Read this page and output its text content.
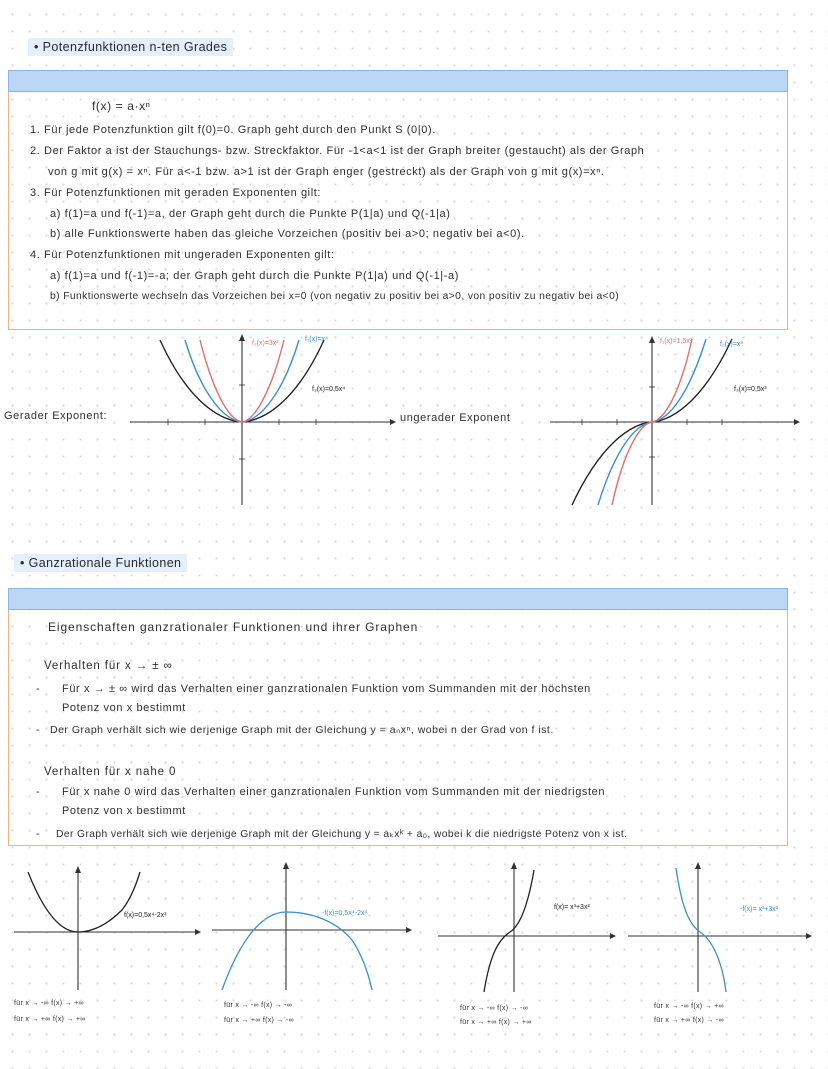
• Potenzfunktionen n-ten Grades
f(x) = a·xⁿ
1. Für jede Potenzfunktion gilt f(0)=0. Graph geht durch den Punkt S (0|0).
2. Der Faktor a ist der Stauchungs- bzw. Streckfaktor. Für -1<a<1 ist der Graph breiter (gestaucht) als der Graph
von g mit g(x) = xⁿ. Für a<-1 bzw. a>1 ist der Graph enger (gestreckt) als der Graph von g mit g(x)=xⁿ.
3. Für Potenzfunktionen mit geraden Exponenten gilt:
a) f(1)=a und f(-1)=a, der Graph geht durch die Punkte P(1|a) und Q(-1|a)
b) alle Funktionswerte haben das gleiche Vorzeichen (positiv bei a>0; negativ bei a<0).
4. Für Potenzfunktionen mit ungeraden Exponenten gilt:
a) f(1)=a und f(-1)=-a; der Graph geht durch die Punkte P(1|a) und Q(-1|-a)
b) Funktionswerte wechseln das Vorzeichen bei x=0 (von negativ zu positiv bei a>0, von positiv zu negativ bei a<0)
Gerader Exponent:	ungerader Exponent
f₂(x)=3x²
f₁(x)=x⁴
f₃(x)=0,5x⁴
f₁(x)=1,5x³	f₂(x)=x³
f₃(x)=0,5x³
• Ganzrationale Funktionen
Eigenschaften ganzrationaler Funktionen und ihrer Graphen
Verhalten für x → ± ∞
- Für x → ± ∞ wird das Verhalten einer ganzrationalen Funktion vom Summanden mit der höchsten
Potenz von x bestimmt
- Der Graph verhält sich wie derjenige Graph mit der Gleichung y = aₙxⁿ, wobei n der Grad von f ist.
Verhalten für x nahe 0
- Für x nahe 0 wird das Verhalten einer ganzrationalen Funktion vom Summanden mit der niedrigsten
Potenz von x bestimmt
- Der Graph verhält sich wie derjenige Graph mit der Gleichung y = aₖxᵏ + a₀, wobei k die niedrigste Potenz von x ist.
f(x)=0,5x⁴-2x³	-f(x)=0,5x⁴-2x³
f(x)= x³+3x²	-f(x)= x³+3x²
für x → -∞ f(x) → +∞
für x → +∞ f(x) → +∞
für x → -∞ f(x) → -∞
für x → +∞ f(x) → -∞
für x → -∞ f(x) → -∞
für x → +∞ f(x) → +∞
für x → -∞ f(x) → +∞
für x → +∞ f(x) → -∞
